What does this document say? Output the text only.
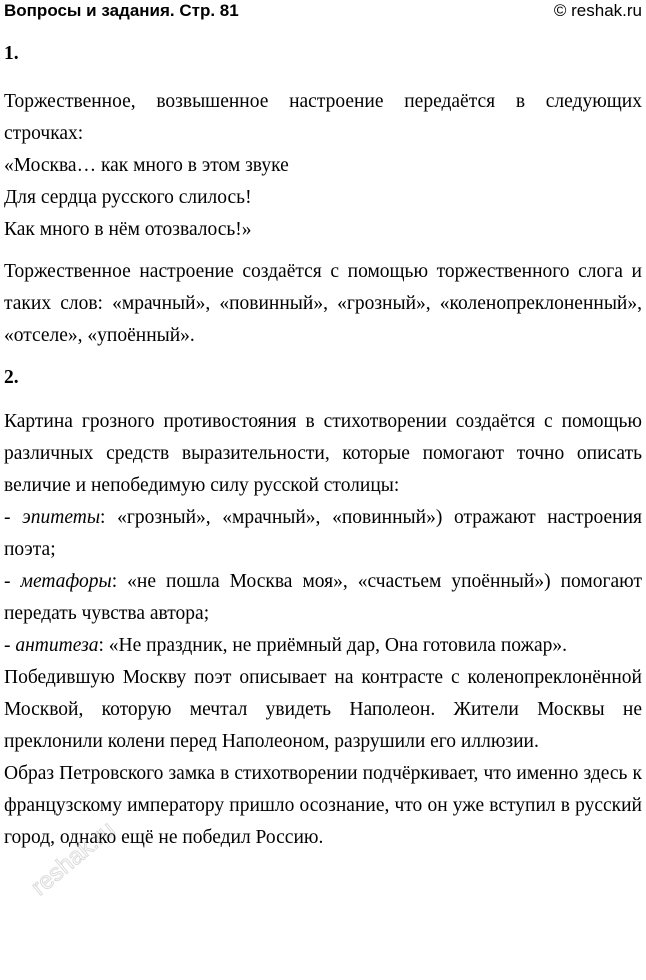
Вопросы и задания. Стр. 81	© reshak.ru

1.

Торжественное, возвышенное настроение передаётся в следующих строчках:

«Москва… как много в этом звуке

Для сердца русского слилось!

Как много в нём отозвалось!»

Торжественное настроение создаётся с помощью торжественного слога и таких слов: «мрачный», «повинный», «грозный», «коленопреклоненный», «отселе», «упоённый».

2.

Картина грозного противостояния в стихотворении создаётся с помощью различных средств выразительности, которые помогают точно описать величие и непобедимую силу русской столицы:

- эпитеты: «грозный», «мрачный», «повинный») отражают настроения поэта;

- метафоры: «не пошла Москва моя», «счастьем упоённый») помогают передать чувства автора;

- антитеза: «Не праздник, не приёмный дар, Она готовила пожар».

Победившую Москву поэт описывает на контрасте с коленопреклонённой Москвой, которую мечтал увидеть Наполеон. Жители Москвы не преклонили колени перед Наполеоном, разрушили его иллюзии.

Образ Петровского замка в стихотворении подчёркивает, что именно здесь к французскому императору пришло осознание, что он уже вступил в русский город, однако ещё не победил Россию.

reshak.ru
